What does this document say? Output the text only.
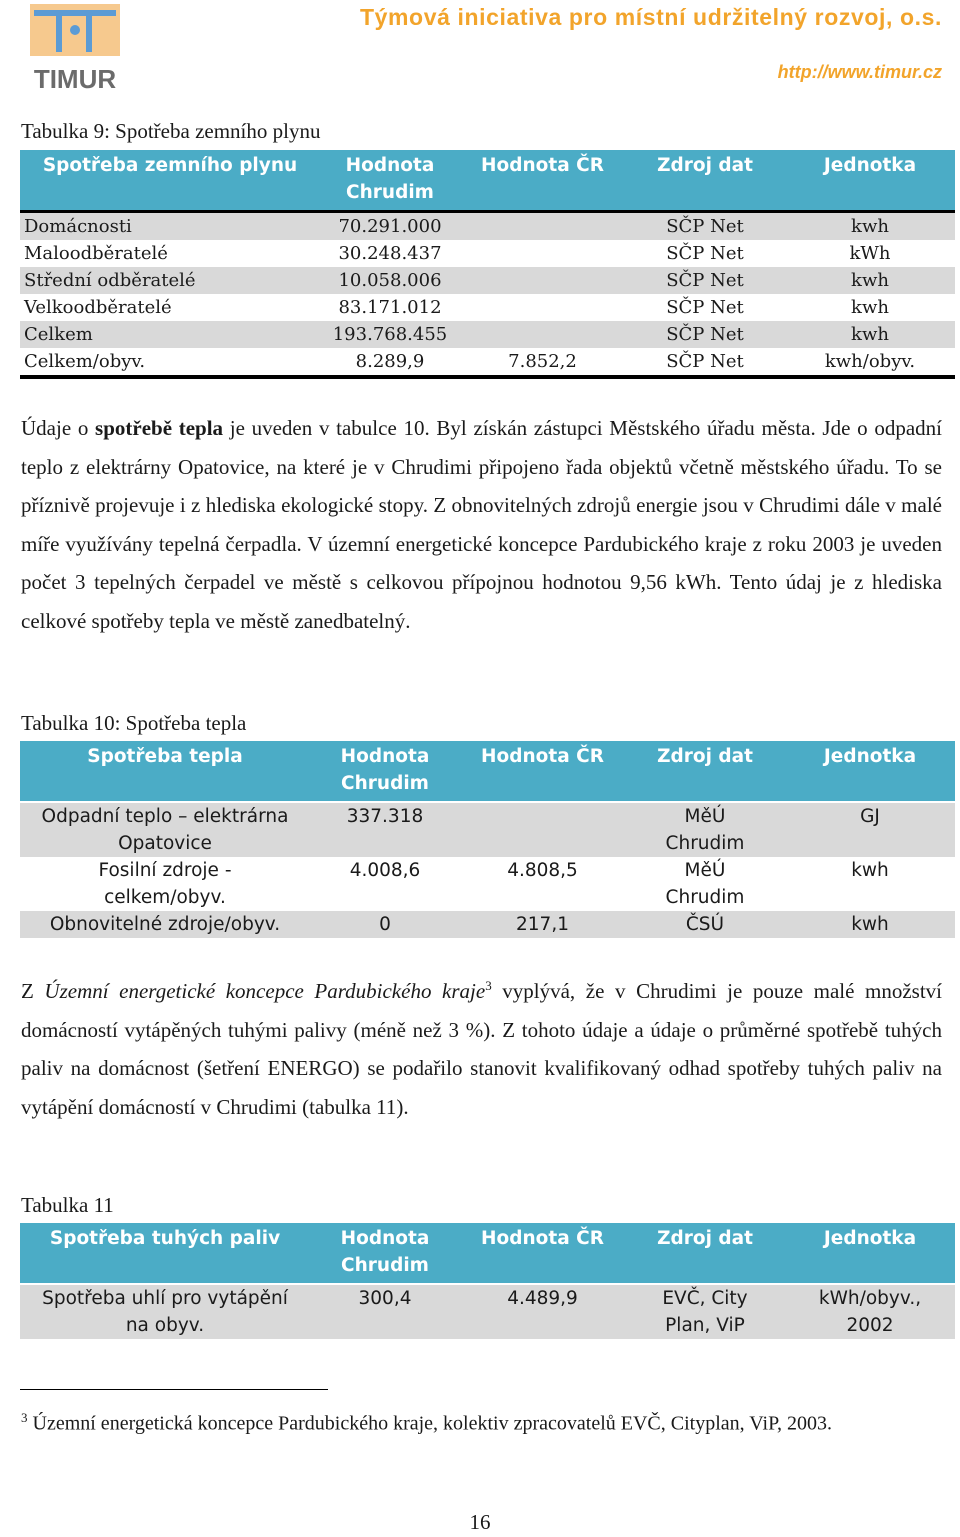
TIMUR
Týmová iniciativa pro místní udržitelný rozvoj, o.s.
http://www.timur.cz
Tabulka 9: Spotřeba zemního plynu
Spotřeba zemního plynu	Hodnota Chrudim	Hodnota ČR	Zdroj dat	Jednotka
Domácnosti	70.291.000		SČP Net	kwh
Maloodběratelé	30.248.437		SČP Net	kWh
Střední odběratelé	10.058.006		SČP Net	kwh
Velkoodběratelé	83.171.012		SČP Net	kwh
Celkem	193.768.455		SČP Net	kwh
Celkem/obyv.	8.289,9	7.852,2	SČP Net	kwh/obyv.
Údaje o spotřebě tepla je uveden v tabulce 10. Byl získán zástupci Městského úřadu města. Jde o odpadní teplo z elektrárny Opatovice, na které je v Chrudimi připojeno řada objektů včetně městského úřadu. To se příznivě projevuje i z hlediska ekologické stopy. Z obnovitelných zdrojů energie jsou v Chrudimi dále v malé míře využívány tepelná čerpadla. V územní energetické koncepce Pardubického kraje z roku 2003 je uveden počet 3 tepelných čerpadel ve městě s celkovou přípojnou hodnotou 9,56 kWh. Tento údaj je z hlediska celkové spotřeby tepla ve městě zanedbatelný.
Tabulka 10: Spotřeba tepla
Spotřeba tepla	Hodnota Chrudim	Hodnota ČR	Zdroj dat	Jednotka
Odpadní teplo – elektrárna Opatovice	337.318		MěÚ Chrudim	GJ
Fosilní zdroje - celkem/obyv.	4.008,6	4.808,5	MěÚ Chrudim	kwh
Obnovitelné zdroje/obyv.	0	217,1	ČSÚ	kwh
Z Územní energetické koncepce Pardubického kraje$^3$ vyplývá, že v Chrudimi je pouze malé množství domácností vytápěných tuhými palivy (méně než 3 %). Z tohoto údaje a údaje o průměrné spotřebě tuhých paliv na domácnost (šetření ENERGO) se podařilo stanovit kvalifikovaný odhad spotřeby tuhých paliv na vytápění domácností v Chrudimi (tabulka 11).
Tabulka 11
Spotřeba tuhých paliv	Hodnota Chrudim	Hodnota ČR	Zdroj dat	Jednotka
Spotřeba uhlí pro vytápění na obyv.	300,4	4.489,9	EVČ, City Plan, ViP	kWh/obyv., 2002
$^3$ Územní energetická koncepce Pardubického kraje, kolektiv zpracovatelů EVČ, Cityplan, ViP, 2003.
16
